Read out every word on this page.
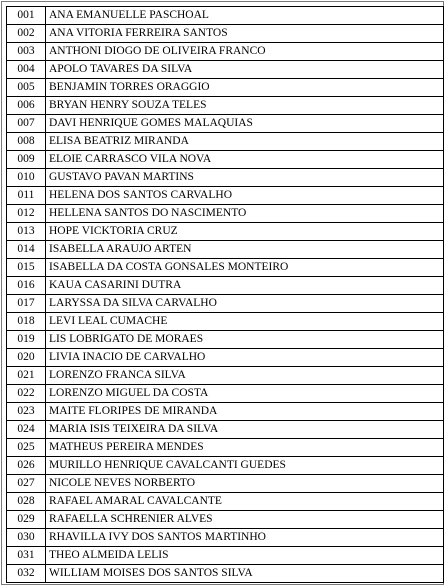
001	ANA EMANUELLE PASCHOAL
002	ANA VITORIA FERREIRA SANTOS
003	ANTHONI DIOGO DE OLIVEIRA FRANCO
004	APOLO TAVARES DA SILVA
005	BENJAMIN TORRES ORAGGIO
006	BRYAN HENRY SOUZA TELES
007	DAVI HENRIQUE GOMES MALAQUIAS
008	ELISA BEATRIZ MIRANDA
009	ELOIE CARRASCO VILA NOVA
010	GUSTAVO PAVAN MARTINS
011	HELENA DOS SANTOS CARVALHO
012	HELLENA SANTOS DO NASCIMENTO
013	HOPE VICKTORIA CRUZ
014	ISABELLA ARAUJO ARTEN
015	ISABELLA DA COSTA GONSALES MONTEIRO
016	KAUA CASARINI DUTRA
017	LARYSSA DA SILVA CARVALHO
018	LEVI LEAL CUMACHE
019	LIS LOBRIGATO DE MORAES
020	LIVIA INACIO DE CARVALHO
021	LORENZO FRANCA SILVA
022	LORENZO MIGUEL DA COSTA
023	MAITE FLORIPES DE MIRANDA
024	MARIA ISIS TEIXEIRA DA SILVA
025	MATHEUS PEREIRA MENDES
026	MURILLO HENRIQUE CAVALCANTI GUEDES
027	NICOLE NEVES NORBERTO
028	RAFAEL AMARAL CAVALCANTE
029	RAFAELLA SCHRENIER ALVES
030	RHAVILLA IVY DOS SANTOS MARTINHO
031	THEO ALMEIDA LELIS
032	WILLIAM MOISES DOS SANTOS SILVA
